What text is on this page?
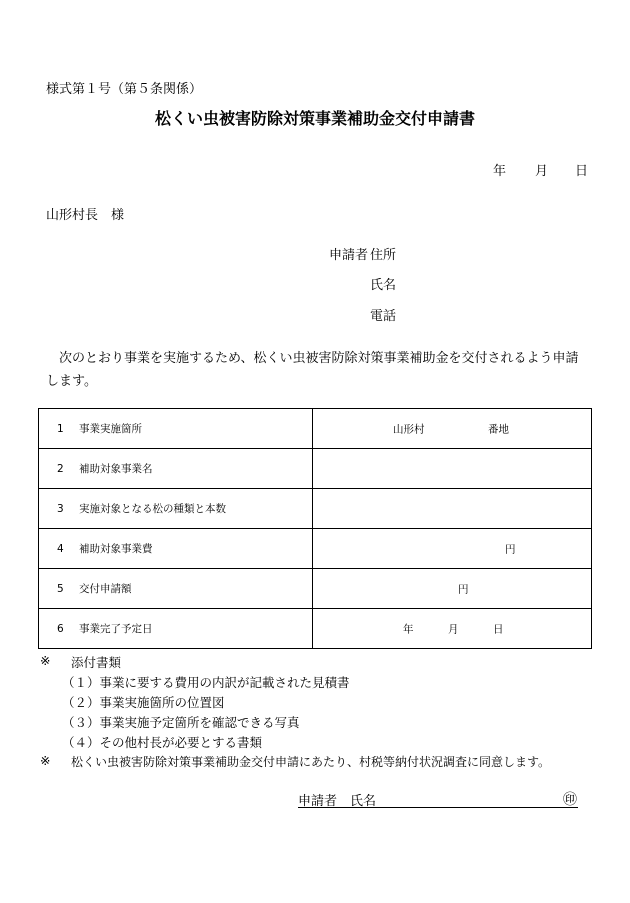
様式第１号（第５条関係）
松くい虫被害防除対策事業補助金交付申請書
年 月 日
山形村長　様
申請者 住所
氏名
電話

次のとおり事業を実施するため、松くい虫被害防除対策事業補助金を交付されるよう申請します。

1 事業実施箇所	山形村 番地

2 補助対象事業名	
3 実施対象となる松の種類と本数	
4 補助対象事業費	円

5 交付申請額	円

6 事業完了予定日	年 月 日
※ 添付書類
（１）事業に要する費用の内訳が記載された見積書
（２）事業実施箇所の位置図
（３）事業実施予定箇所を確認できる写真
（４）その他村長が必要とする書類
※ 松くい虫被害防除対策事業補助金交付申請にあたり、村税等納付状況調査に同意します。
申請者　氏名	㊞
